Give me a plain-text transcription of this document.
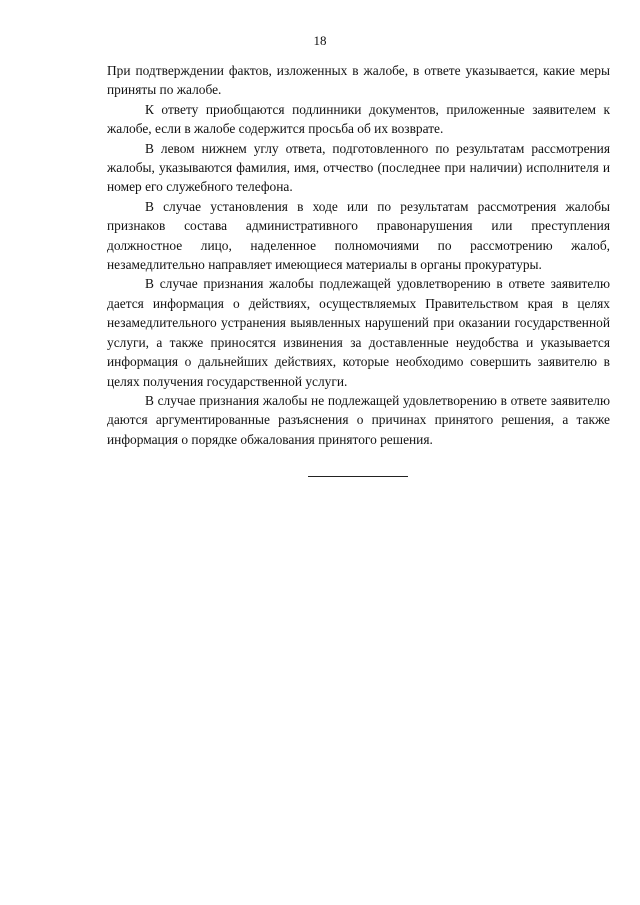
18

При подтверждении фактов, изложенных в жалобе, в ответе указывается, какие меры приняты по жалобе.

К ответу приобщаются подлинники документов, приложенные заявителем к жалобе, если в жалобе содержится просьба об их возврате.

В левом нижнем углу ответа, подготовленного по результатам рассмотрения жалобы, указываются фамилия, имя, отчество (последнее при наличии) исполнителя и номер его служебного телефона.

В случае установления в ходе или по результатам рассмотрения жалобы признаков состава административного правонарушения или преступления должностное лицо, наделенное полномочиями по рассмотрению жалоб, незамедлительно направляет имеющиеся материалы в органы прокуратуры.

В случае признания жалобы подлежащей удовлетворению в ответе заявителю дается информация о действиях, осуществляемых Правительством края в целях незамедлительного устранения выявленных нарушений при оказании государственной услуги, а также приносятся извинения за доставленные неудобства и указывается информация о дальнейших действиях, которые необходимо совершить заявителю в целях получения государственной услуги.

В случае признания жалобы не подлежащей удовлетворению в ответе заявителю даются аргументированные разъяснения о причинах принятого решения, а также информация о порядке обжалования принятого решения.
